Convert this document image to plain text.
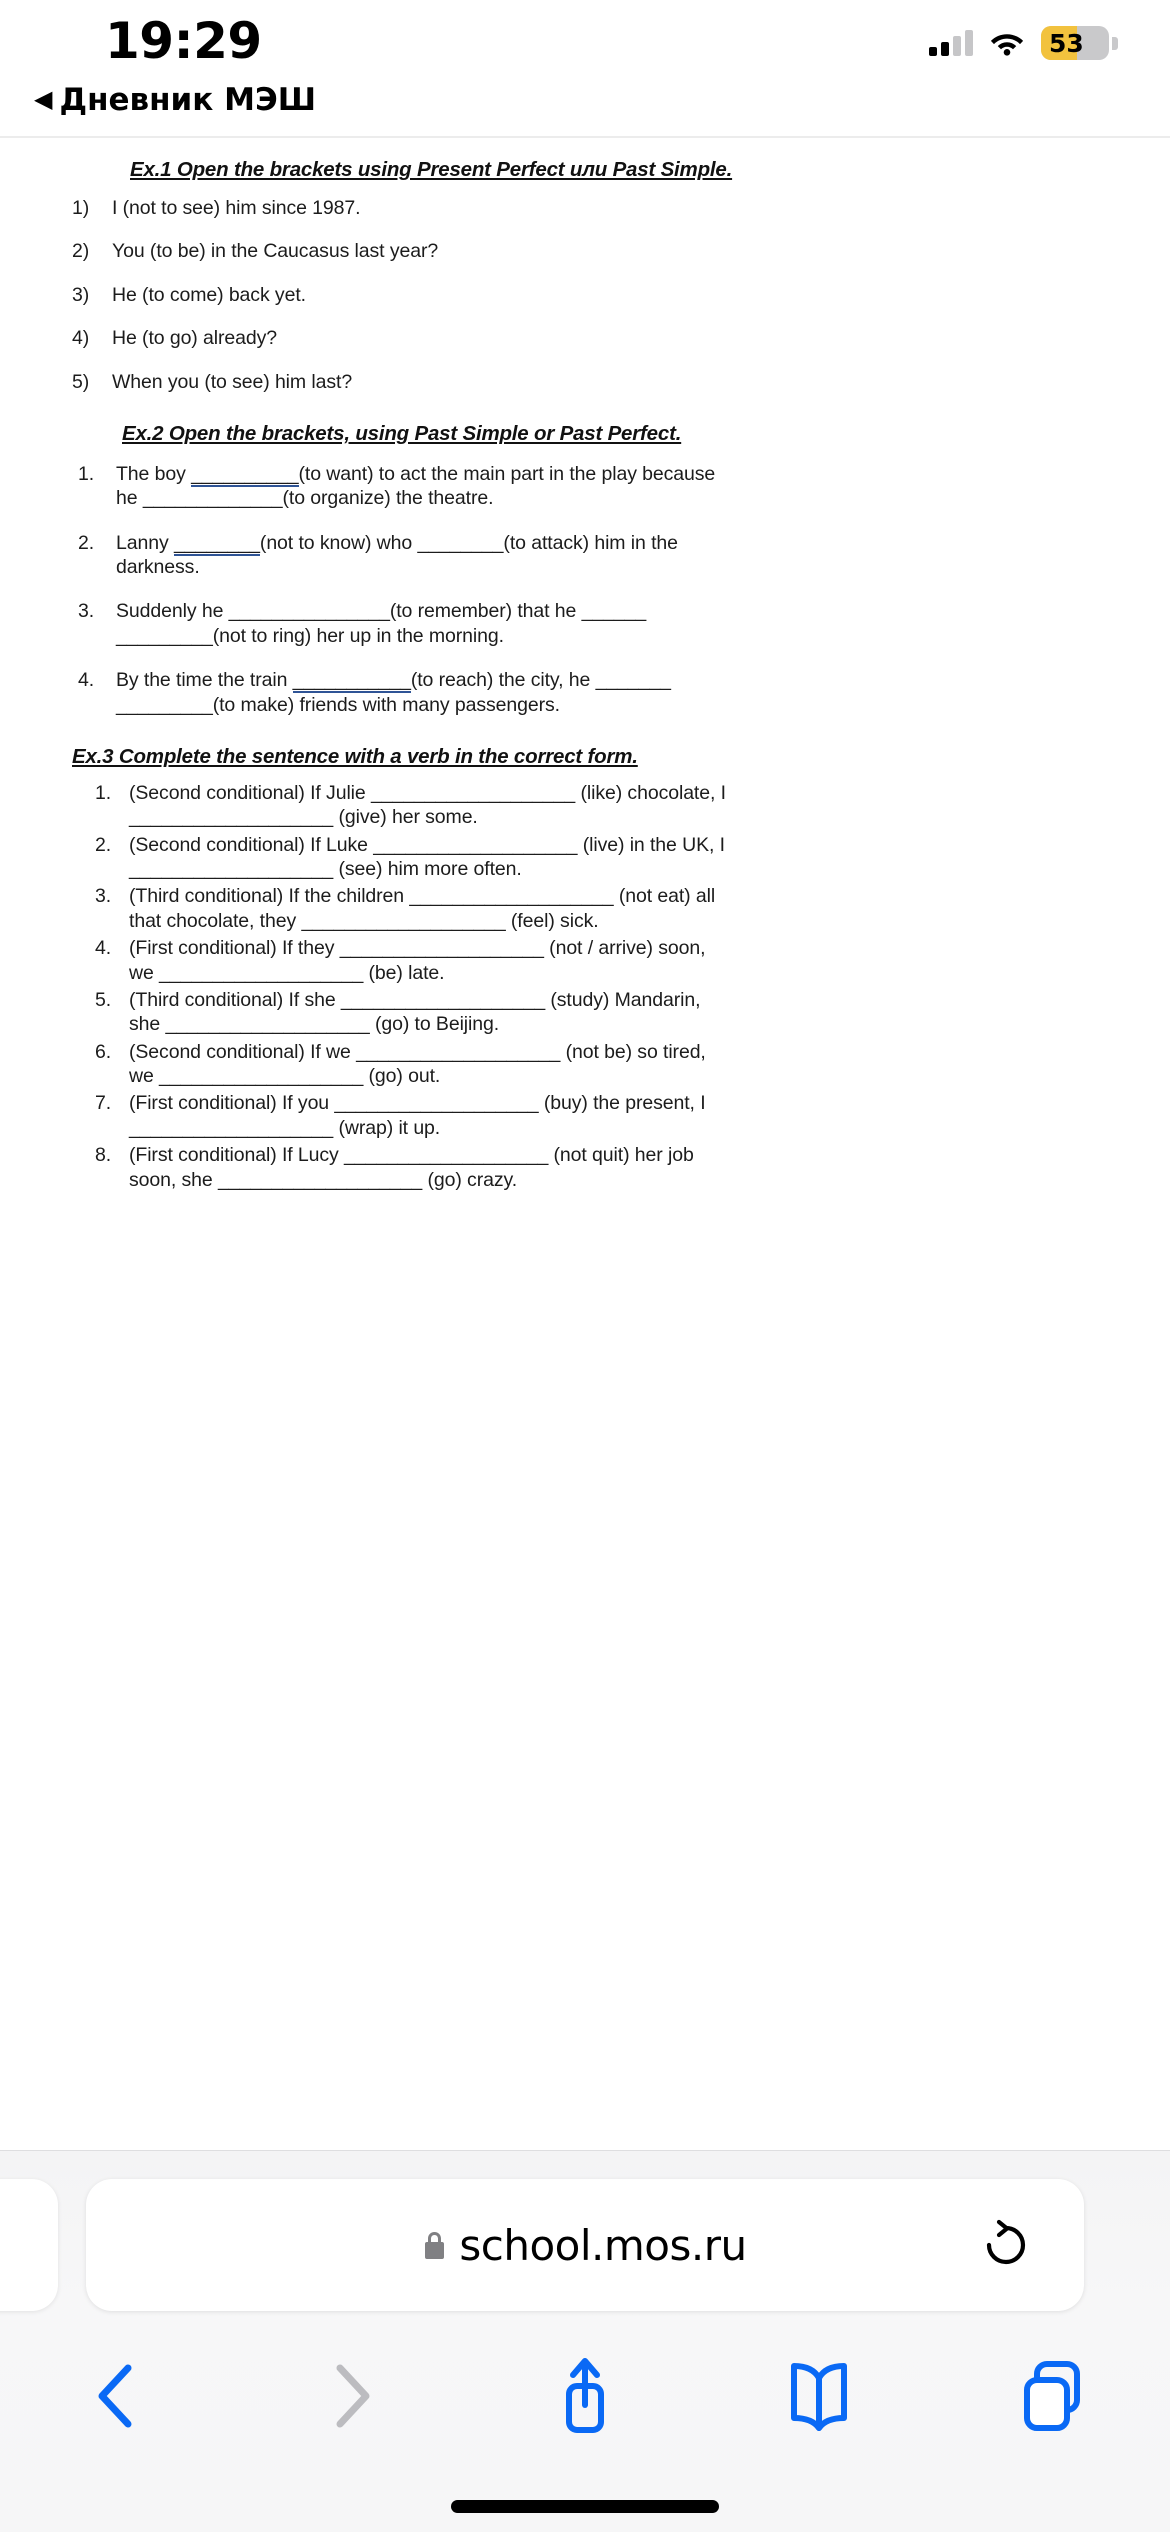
19:29	53
◀ Дневник МЭШ
Ex.1 Open the brackets using Present Perfect или Past Simple.
1)	I (not to see) him since 1987.
2)	You (to be) in the Caucasus last year?
3)	He (to come) back yet.
4)	He (to go) already?
5)	When you (to see) him last?
Ex.2 Open the brackets, using Past Simple or Past Perfect.
1.	The boy __________(to want) to act the main part in the play because he _____________(to organize) the theatre.
2.	Lanny ________(not to know) who ________(to attack) him in the darkness.
3.	Suddenly he _______________(to remember) that he ______ _________(not to ring) her up in the morning.
4.	By the time the train ___________(to reach) the city, he _______ _________(to make) friends with many passengers.
Ex.3 Complete the sentence with a verb in the correct form.
1. (Second conditional) If Julie ___________________ (like) chocolate, I ___________________ (give) her some.
2. (Second conditional) If Luke ___________________ (live) in the UK, I ___________________ (see) him more often.
3. (Third conditional) If the children ___________________ (not eat) all that chocolate, they ___________________ (feel) sick.
4. (First conditional) If they ___________________ (not / arrive) soon, we ___________________ (be) late.
5. (Third conditional) If she ___________________ (study) Mandarin, she ___________________ (go) to Beijing.
6. (Second conditional) If we ___________________ (not be) so tired, we ___________________ (go) out.
7. (First conditional) If you ___________________ (buy) the present, I ___________________ (wrap) it up.
8. (First conditional) If Lucy ___________________ (not quit) her job soon, she ___________________ (go) crazy.
school.mos.ru
